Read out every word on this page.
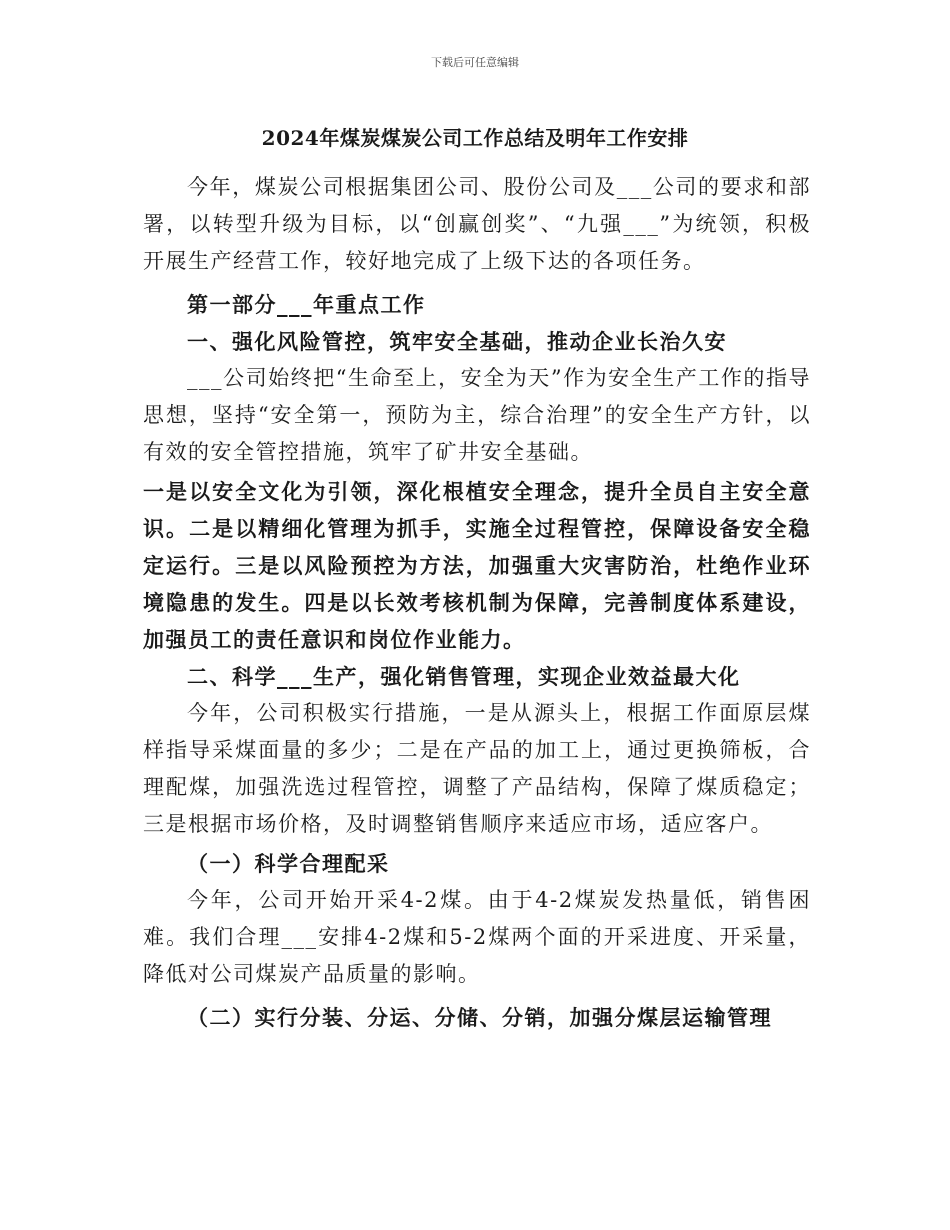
下载后可任意编辑
2024年煤炭煤炭公司工作总结及明年工作安排

今年，煤炭公司根据集团公司、股份公司及___公司的要求和部署，以转型升级为目标，以“创赢创奖”、“九强___”为统领，积极开展生产经营工作，较好地完成了上级下达的各项任务。

第一部分___年重点工作

一、强化风险管控，筑牢安全基础，推动企业长治久安

___公司始终把“生命至上，安全为天”作为安全生产工作的指导思想，坚持“安全第一，预防为主，综合治理”的安全生产方针，以有效的安全管控措施，筑牢了矿井安全基础。

一是以安全文化为引领，深化根植安全理念，提升全员自主安全意识。二是以精细化管理为抓手，实施全过程管控，保障设备安全稳定运行。三是以风险预控为方法，加强重大灾害防治，杜绝作业环境隐患的发生。四是以长效考核机制为保障，完善制度体系建设，加强员工的责任意识和岗位作业能力。

二、科学___生产，强化销售管理，实现企业效益最大化

今年，公司积极实行措施，一是从源头上，根据工作面原层煤样指导采煤面量的多少；二是在产品的加工上，通过更换筛板，合理配煤，加强洗选过程管控，调整了产品结构，保障了煤质稳定；三是根据市场价格，及时调整销售顺序来适应市场，适应客户。

（一）科学合理配采

今年，公司开始开采4-2煤。由于4-2煤炭发热量低，销售困难。我们合理___安排4-2煤和5-2煤两个面的开采进度、开采量，降低对公司煤炭产品质量的影响。

（二）实行分装、分运、分储、分销，加强分煤层运输管理
